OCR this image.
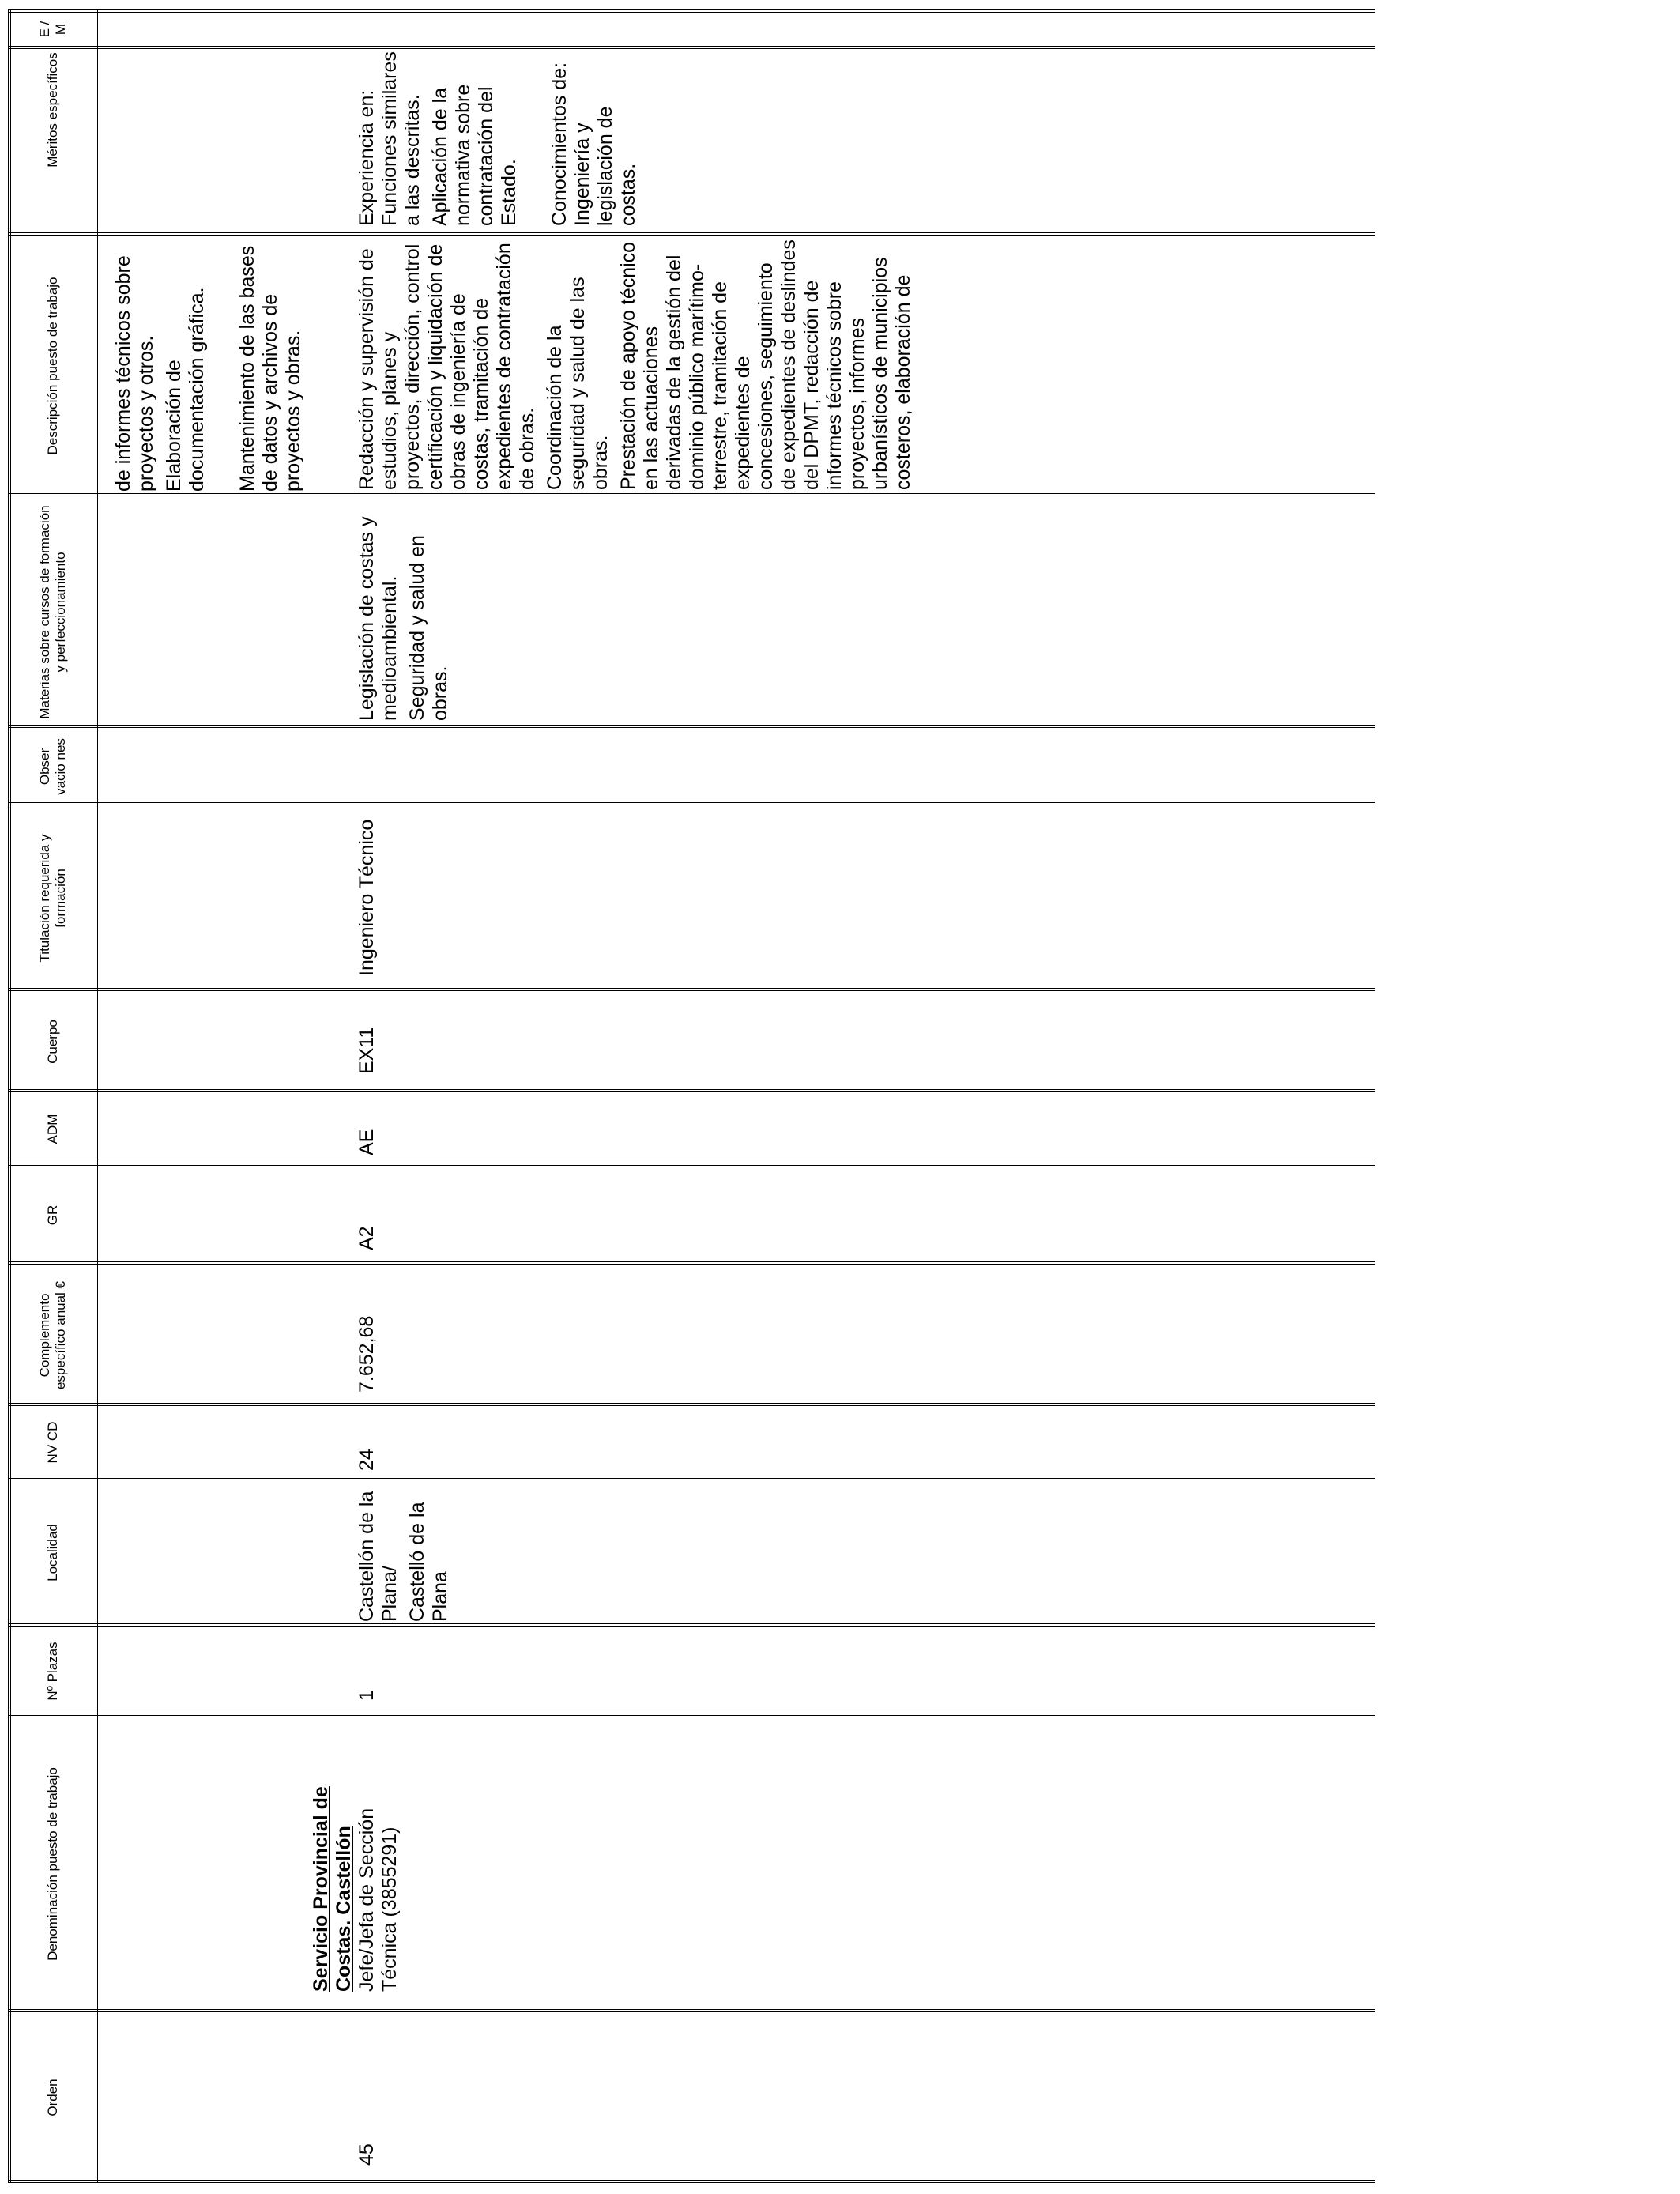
Orden
Denominación puesto de trabajo
Nº Plazas
Localidad
NV CD
Complemento específico anual €
GR
ADM
Cuerpo
Titulación requerida y formación
Obser vacio nes
Materias sobre cursos de formación y perfeccionamiento
Descripción puesto de trabajo
Méritos específicos
E / M

de informes técnicos sobre proyectos y otros. Elaboración de documentación gráfica. Mantenimiento de las bases de datos y archivos de proyectos y obras.

Servicio Provincial de Costas. Castellón
45
Jefe/Jefa de Sección Técnica (3855291)
1

Castellón de la Plana/ Castelló de la Plana

24
7.652,68
A2
AE
EX11
Ingeniero Técnico

Legislación de costas y medioambiental. Seguridad y salud en obras.

Redacción y supervisión de estudios, planes y proyectos, dirección, control certificación y liquidación de obras de ingeniería de costas, tramitación de expedientes de contratación de obras. Coordinación de la seguridad y salud de las obras. Prestación de apoyo técnico en las actuaciones derivadas de la gestión del dominio público marítimo-terrestre, tramitación de expedientes de concesiones, seguimiento de expedientes de deslindes del DPMT, redacción de informes técnicos sobre proyectos, informes urbanísticos de municipios costeros, elaboración de

Experiencia en: Funciones similares a las descritas. Aplicación de la normativa sobre contratación del Estado. Conocimientos de: Ingeniería y legislación de costas.
